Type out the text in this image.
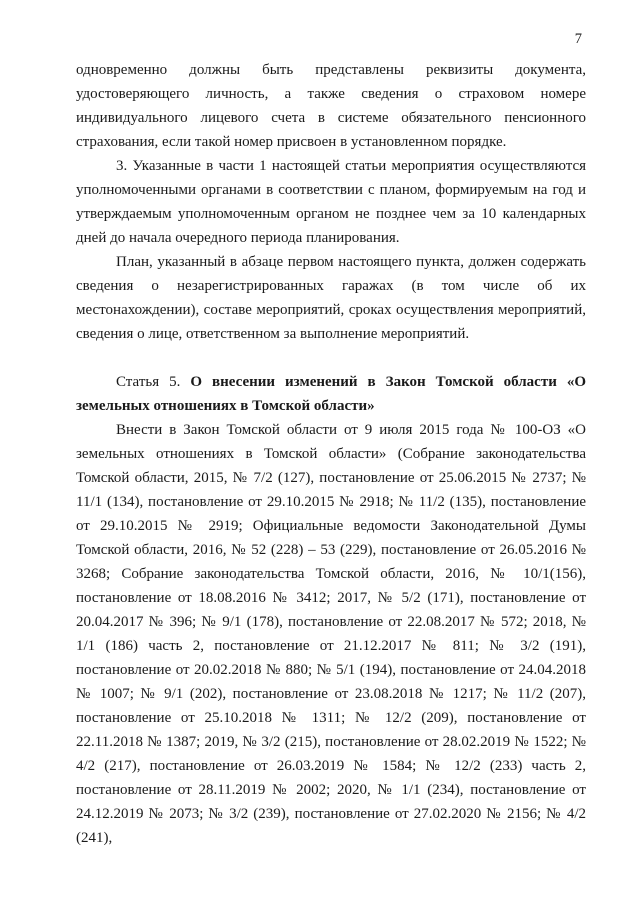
7

одновременно должны быть представлены реквизиты документа, удостоверяющего личность, а также сведения о страховом номере индивидуального лицевого счета в системе обязательного пенсионного страхования, если такой номер присвоен в установленном порядке.

3. Указанные в части 1 настоящей статьи мероприятия осуществляются уполномоченными органами в соответствии с планом, формируемым на год и утверждаемым уполномоченным органом не позднее чем за 10 календарных дней до начала очередного периода планирования.

План, указанный в абзаце первом настоящего пункта, должен содержать сведения о незарегистрированных гаражах (в том числе об их местонахождении), составе мероприятий, сроках осуществления мероприятий, сведения о лице, ответственном за выполнение мероприятий.

Статья 5. О внесении изменений в Закон Томской области «О земельных отношениях в Томской области»

Внести в Закон Томской области от 9 июля 2015 года № 100-ОЗ «О земельных отношениях в Томской области» (Собрание законодательства Томской области, 2015, № 7/2 (127), постановление от 25.06.2015 № 2737; № 11/1 (134), постановление от 29.10.2015 № 2918; № 11/2 (135), постановление от 29.10.2015 № 2919; Официальные ведомости Законодательной Думы Томской области, 2016, № 52 (228) – 53 (229), постановление от 26.05.2016 № 3268; Собрание законодательства Томской области, 2016, № 10/1(156), постановление от 18.08.2016 № 3412; 2017, № 5/2 (171), постановление от 20.04.2017 № 396; № 9/1 (178), постановление от 22.08.2017 № 572; 2018, № 1/1 (186) часть 2, постановление от 21.12.2017 № 811; № 3/2 (191), постановление от 20.02.2018 № 880; № 5/1 (194), постановление от 24.04.2018 № 1007; № 9/1 (202), постановление от 23.08.2018 № 1217; № 11/2 (207), постановление от 25.10.2018 № 1311; № 12/2 (209), постановление от 22.11.2018 № 1387; 2019, № 3/2 (215), постановление от 28.02.2019 № 1522; № 4/2 (217), постановление от 26.03.2019 № 1584; № 12/2 (233) часть 2, постановление от 28.11.2019 № 2002; 2020, № 1/1 (234), постановление от 24.12.2019 № 2073; № 3/2 (239), постановление от 27.02.2020 № 2156; № 4/2 (241),
